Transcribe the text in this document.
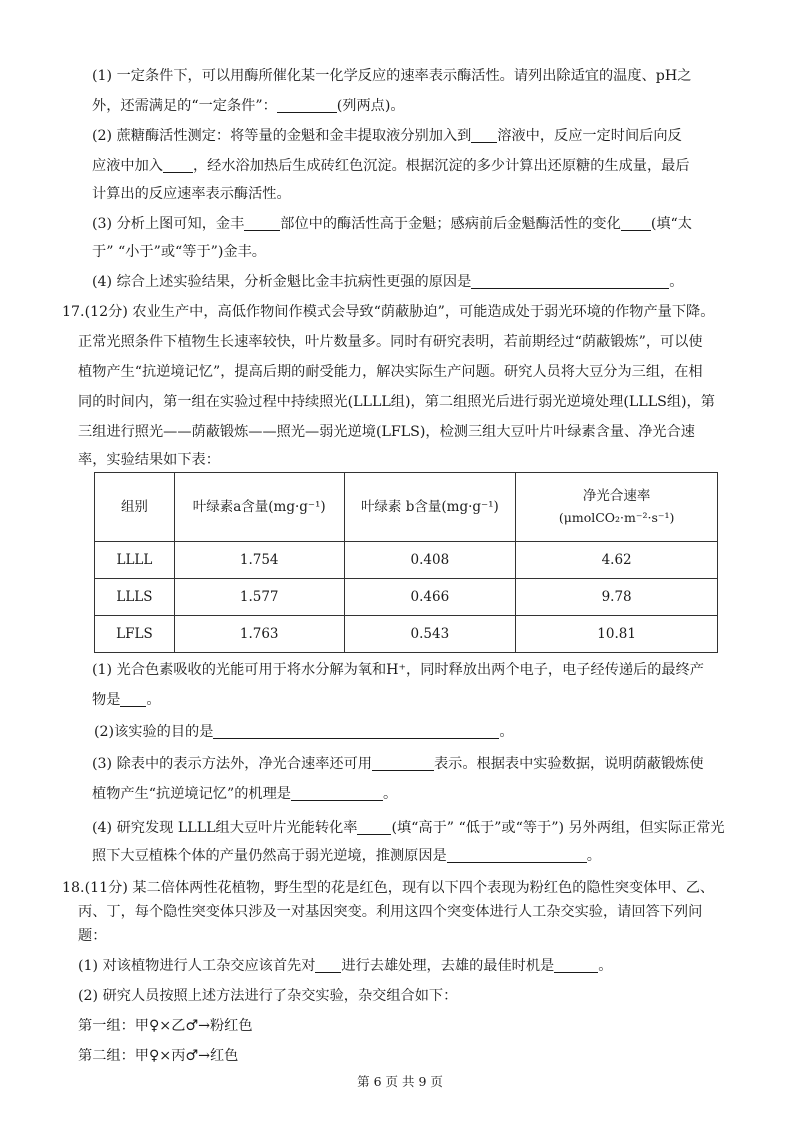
(1) 一定条件下，可以用酶所催化某一化学反应的速率表示酶活性。请列出除适宜的温度、pH之
外，还需满足的“一定条件”：	(列两点)。
(2) 蔗糖酶活性测定：将等量的金魁和金丰提取液分别加入到 溶液中，反应一定时间后向反
应液中加入 ，经水浴加热后生成砖红色沉淀。根据沉淀的多少计算出还原糖的生成量，最后
计算出的反应速率表示酶活性。
(3) 分析上图可知，金丰	部位中的酶活性高于金魁；感病前后金魁酶活性的变化 (填“太
于” “小于”或“等于”)金丰。
(4) 综合上述实验结果，分析金魁比金丰抗病性更强的原因是	。
17.(12分) 农业生产中，高低作物间作模式会导致“荫蔽胁迫”，可能造成处于弱光环境的作物产量下降。
正常光照条件下植物生长速率较快，叶片数量多。同时有研究表明，若前期经过“荫蔽锻炼”，可以使
植物产生“抗逆境记忆”，提高后期的耐受能力，解决实际生产问题。研究人员将大豆分为三组，在相
同的时间内，第一组在实验过程中持续照光(LLLL组)，第二组照光后进行弱光逆境处理(LLLS组)，第
三组进行照光——荫蔽锻炼——照光—弱光逆境(LFLS)，检测三组大豆叶片叶绿素含量、净光合速
率，实验结果如下表：
组别	叶绿素a含量(mg·g⁻¹)	叶绿素 b含量(mg·g⁻¹)	净光合速率
(μmolCO₂·m⁻²·s⁻¹)

LLLL	1.754	0.408	4.62
LLLS	1.577	0.466	9.78
LFLS	1.763	0.543	10.81
(1) 光合色素吸收的光能可用于将水分解为氧和H⁺，同时释放出两个电子，电子经传递后的最终产
物是 。
(2)该实验的目的是	。
(3) 除表中的表示方法外，净光合速率还可用	表示。根据表中实验数据，说明荫蔽锻炼使
植物产生“抗逆境记忆”的机理是	。
(4) 研究发现 LLLL组大豆叶片光能转化率 (填“高于” “低于”或“等于”) 另外两组，但实际正常光
照下大豆植株个体的产量仍然高于弱光逆境，推测原因是	。
18.(11分) 某二倍体两性花植物，野生型的花是红色，现有以下四个表现为粉红色的隐性突变体甲、乙、
丙、丁，每个隐性突变体只涉及一对基因突变。利用这四个突变体进行人工杂交实验，请回答下列问
题：
(1) 对该植物进行人工杂交应该首先对 进行去雄处理，去雄的最佳时机是	。
(2) 研究人员按照上述方法进行了杂交实验，杂交组合如下：
第一组：甲♀×乙♂→粉红色
第二组：甲♀×丙♂→红色
第 6 页 共 9 页
